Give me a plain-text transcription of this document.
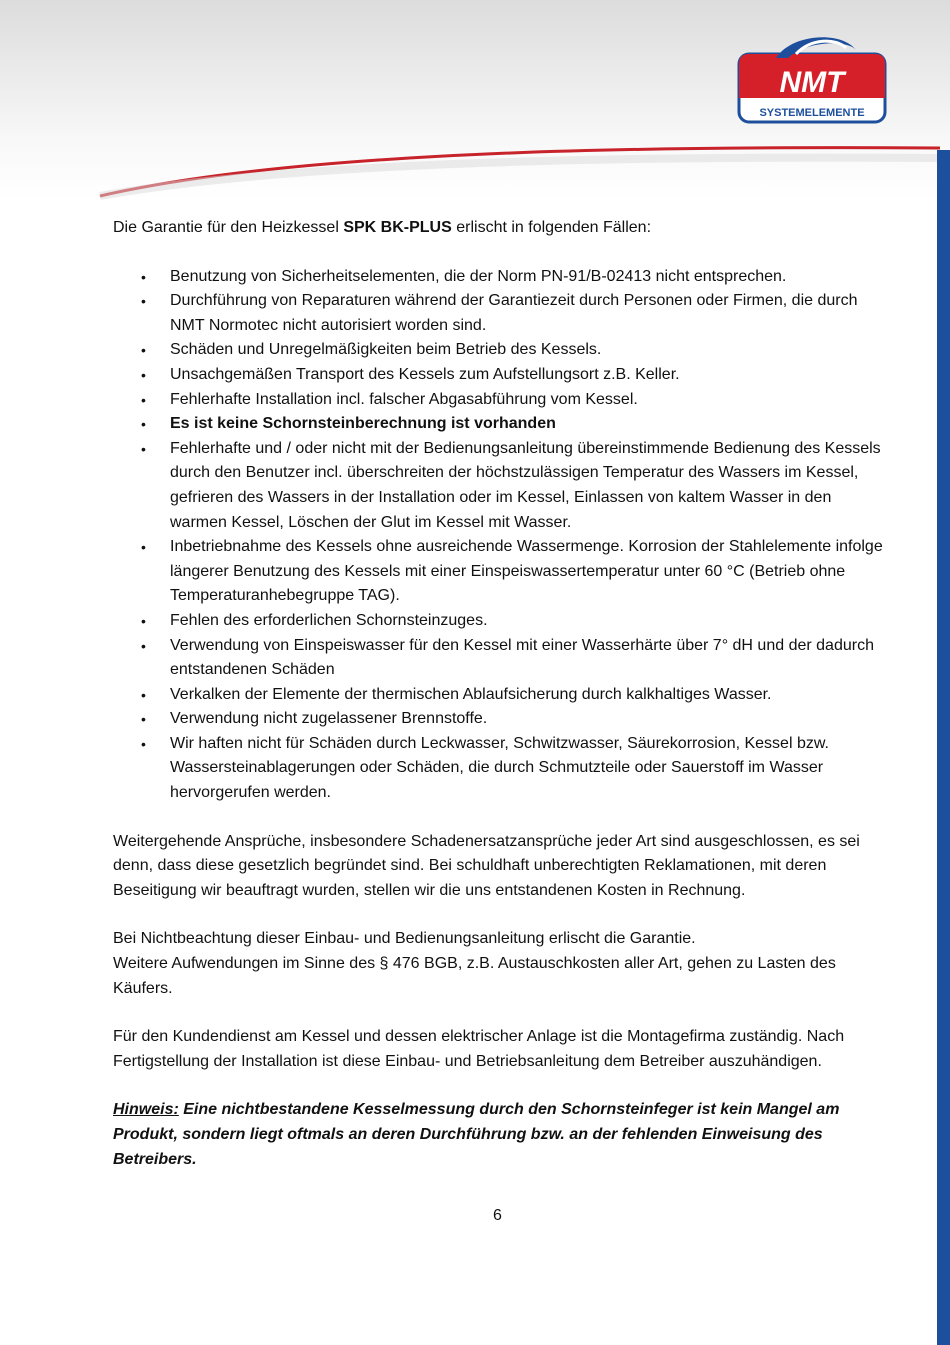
NMT
SYSTEMELEMENTE

Die Garantie für den Heizkessel SPK BK-PLUS erlischt in folgenden Fällen:

• Benutzung von Sicherheitselementen, die der Norm PN-91/B-02413 nicht entsprechen.
• Durchführung von Reparaturen während der Garantiezeit durch Personen oder Firmen, die durch NMT Normotec nicht autorisiert worden sind.
• Schäden und Unregelmäßigkeiten beim Betrieb des Kessels.
• Unsachgemäßen Transport des Kessels zum Aufstellungsort z.B. Keller.
• Fehlerhafte Installation incl. falscher Abgasabführung vom Kessel.
• Es ist keine Schornsteinberechnung ist vorhanden
• Fehlerhafte und / oder nicht mit der Bedienungsanleitung übereinstimmende Bedienung des Kessels durch den Benutzer incl. überschreiten der höchstzulässigen Temperatur des Wassers im Kessel, gefrieren des Wassers in der Installation oder im Kessel, Einlassen von kaltem Wasser in den warmen Kessel, Löschen der Glut im Kessel mit Wasser.
• Inbetriebnahme des Kessels ohne ausreichende Wassermenge. Korrosion der Stahlelemente infolge längerer Benutzung des Kessels mit einer Einspeiswassertemperatur unter 60 °C (Betrieb ohne Temperaturanhebegruppe TAG).
• Fehlen des erforderlichen Schornsteinzuges.
• Verwendung von Einspeiswasser für den Kessel mit einer Wasserhärte über 7° dH und der dadurch entstandenen Schäden
• Verkalken der Elemente der thermischen Ablaufsicherung durch kalkhaltiges Wasser.
• Verwendung nicht zugelassener Brennstoffe.
• Wir haften nicht für Schäden durch Leckwasser, Schwitzwasser, Säurekorrosion, Kessel bzw. Wassersteinablagerungen oder Schäden, die durch Schmutzteile oder Sauerstoff im Wasser hervorgerufen werden.

Weitergehende Ansprüche, insbesondere Schadenersatzansprüche jeder Art sind ausgeschlossen, es sei denn, dass diese gesetzlich begründet sind. Bei schuldhaft unberechtigten Reklamationen, mit deren Beseitigung wir beauftragt wurden, stellen wir die uns entstandenen Kosten in Rechnung.

Bei Nichtbeachtung dieser Einbau- und Bedienungsanleitung erlischt die Garantie.

Weitere Aufwendungen im Sinne des § 476 BGB, z.B. Austauschkosten aller Art, gehen zu Lasten des Käufers.

Für den Kundendienst am Kessel und dessen elektrischer Anlage ist die Montagefirma zuständig. Nach Fertigstellung der Installation ist diese Einbau- und Betriebsanleitung dem Betreiber auszuhändigen.

Hinweis: Eine nichtbestandene Kesselmessung durch den Schornsteinfeger ist kein Mangel am Produkt, sondern liegt oftmals an deren Durchführung bzw. an der fehlenden Einweisung des Betreibers.

6
